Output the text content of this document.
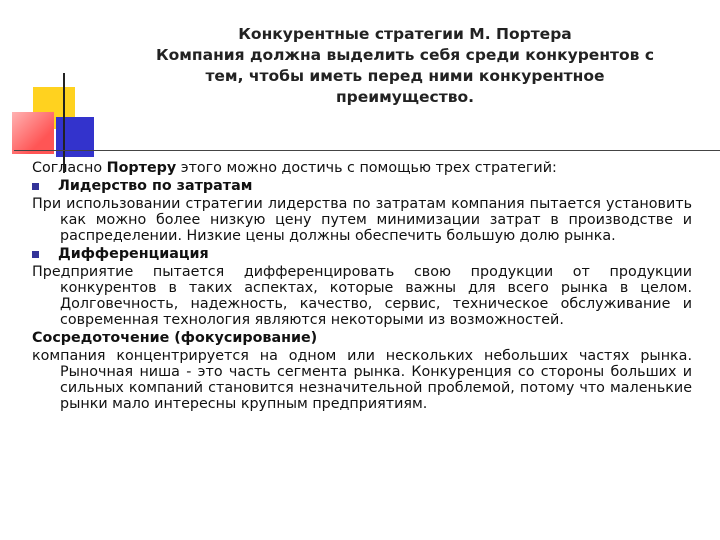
Конкурентные стратегии М. Портера
Компания должна выделить себя среди конкурентов с
тем, чтобы иметь перед ними конкурентное
преимущество.

Согласно Портеру этого можно достичь с помощью трех стратегий:

Лидерство по затратам

При использовании стратегии лидерства по затратам компания пытается установить как можно более низкую цену путем минимизации затрат в производстве и распределении. Низкие цены должны обеспечить большую долю рынка.

Дифференциация

Предприятие пытается дифференцировать свою продукции от продукции конкурентов в таких аспектах, которые важны для всего рынка в целом. Долговечность, надежность, качество, сервис, техническое обслуживание и современная технология являются некоторыми из возможностей.

Сосредоточение (фокусирование)

компания концентрируется на одном или нескольких небольших частях рынка. Рыночная ниша - это часть сегмента рынка. Конкуренция со стороны больших и сильных компаний становится незначительной проблемой, потому что маленькие рынки мало интересны крупным предприятиям.
